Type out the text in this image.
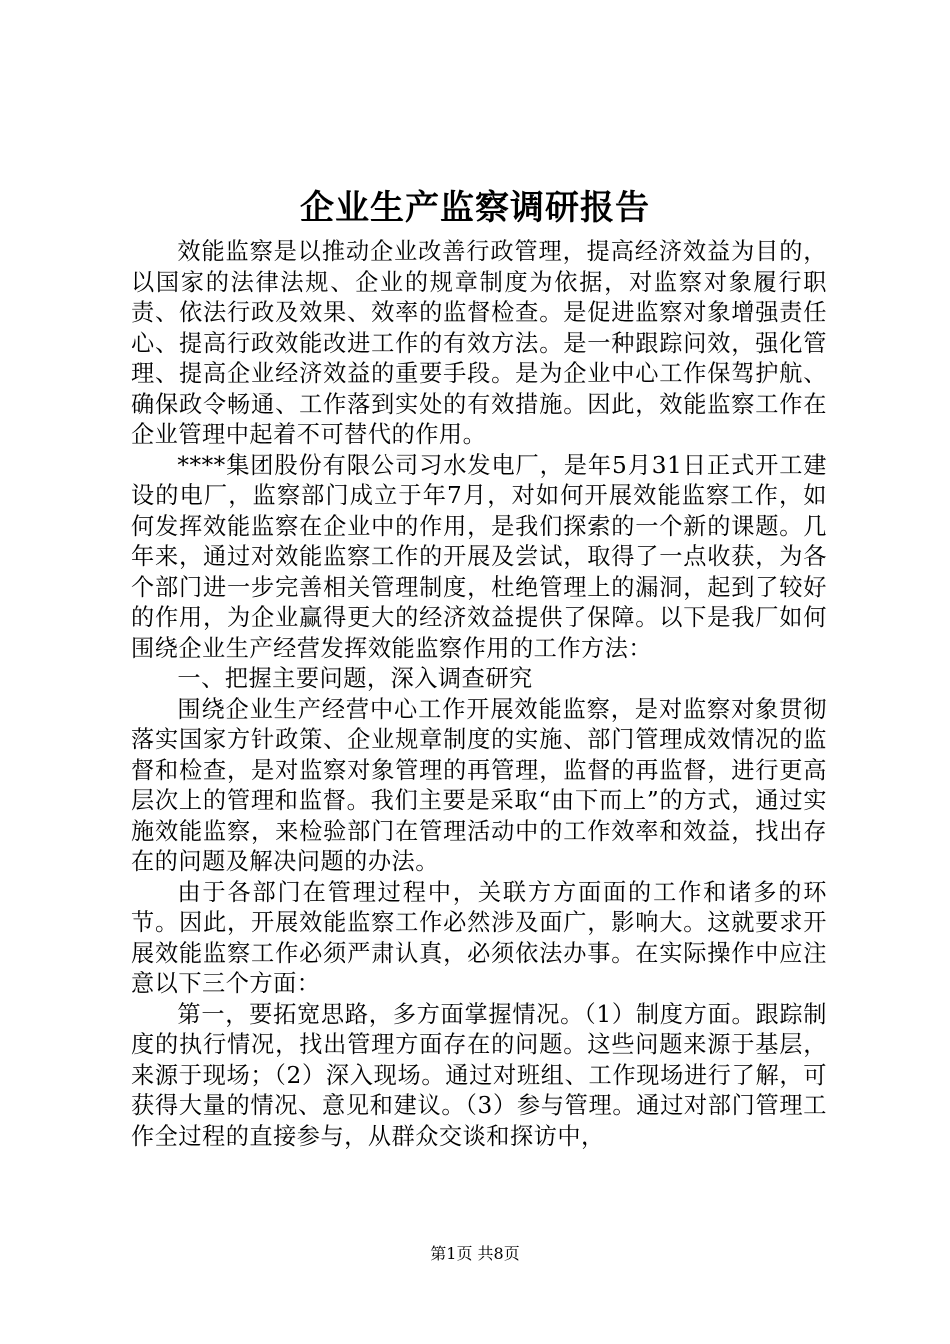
企业生产监察调研报告

效能监察是以推动企业改善行政管理，提高经济效益为目的，以国家的法律法规、企业的规章制度为依据，对监察对象履行职责、依法行政及效果、效率的监督检查。是促进监察对象增强责任心、提高行政效能改进工作的有效方法。是一种跟踪问效，强化管理、提高企业经济效益的重要手段。是为企业中心工作保驾护航、确保政令畅通、工作落到实处的有效措施。因此，效能监察工作在企业管理中起着不可替代的作用。

****集团股份有限公司习水发电厂，是年5月31日正式开工建设的电厂，监察部门成立于年7月，对如何开展效能监察工作，如何发挥效能监察在企业中的作用，是我们探索的一个新的课题。几年来，通过对效能监察工作的开展及尝试，取得了一点收获，为各个部门进一步完善相关管理制度，杜绝管理上的漏洞，起到了较好的作用，为企业赢得更大的经济效益提供了保障。以下是我厂如何围绕企业生产经营发挥效能监察作用的工作方法：

一、把握主要问题，深入调查研究

围绕企业生产经营中心工作开展效能监察，是对监察对象贯彻落实国家方针政策、企业规章制度的实施、部门管理成效情况的监督和检查，是对监察对象管理的再管理，监督的再监督，进行更高层次上的管理和监督。我们主要是采取“由下而上”的方式，通过实施效能监察，来检验部门在管理活动中的工作效率和效益，找出存在的问题及解决问题的办法。

由于各部门在管理过程中，关联方方面面的工作和诸多的环节。因此，开展效能监察工作必然涉及面广，影响大。这就要求开展效能监察工作必须严肃认真，必须依法办事。在实际操作中应注意以下三个方面：

第一，要拓宽思路，多方面掌握情况。（1）制度方面。跟踪制度的执行情况，找出管理方面存在的问题。这些问题来源于基层，来源于现场；（2）深入现场。通过对班组、工作现场进行了解，可获得大量的情况、意见和建议。（3）参与管理。通过对部门管理工作全过程的直接参与，从群众交谈和探访中，

第1页 共8页
